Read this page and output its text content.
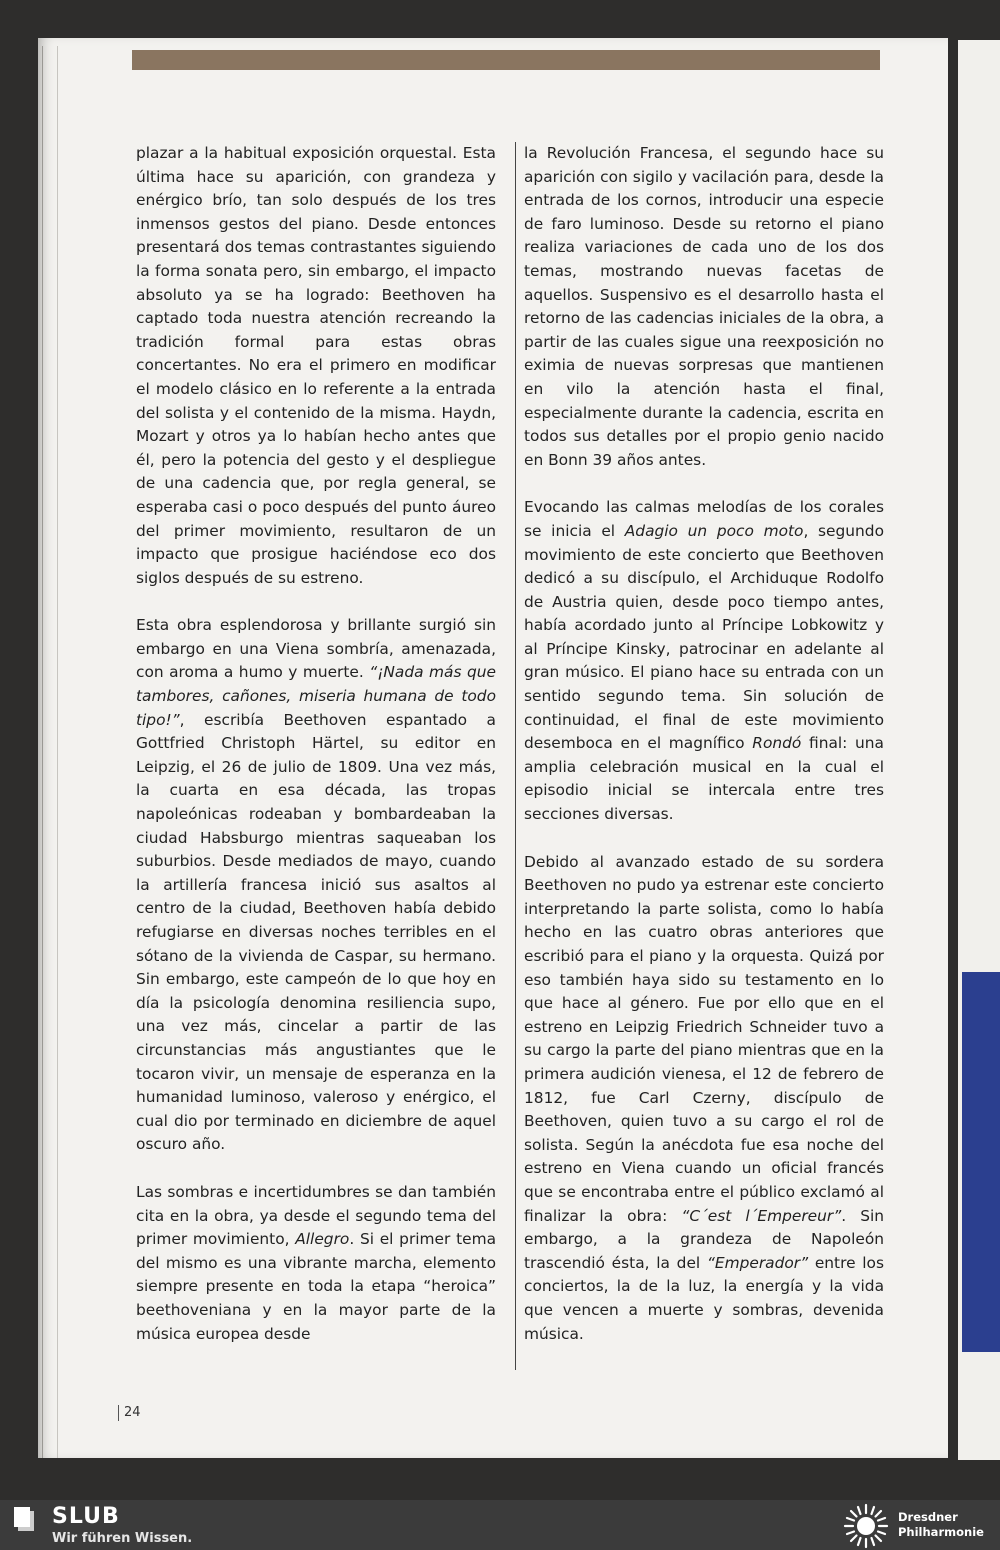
plazar a la habitual exposición orquestal. Esta última hace su aparición, con grandeza y enérgico brío, tan solo después de los tres inmensos gestos del piano. Desde entonces presentará dos temas contrastantes siguiendo la forma sonata pero, sin embargo, el impacto absoluto ya se ha logrado: Beethoven ha captado toda nuestra atención recreando la tradición formal para estas obras concertantes. No era el primero en modificar el modelo clásico en lo referente a la entrada del solista y el contenido de la misma. Haydn, Mozart y otros ya lo habían hecho antes que él, pero la potencia del gesto y el despliegue de una cadencia que, por regla general, se esperaba casi o poco después del punto áureo del primer movimiento, resultaron de un impacto que prosigue haciéndose eco dos siglos después de su estreno.

Esta obra esplendorosa y brillante surgió sin embargo en una Viena sombría, amenazada, con aroma a humo y muerte. “¡Nada más que tambores, cañones, miseria humana de todo tipo!”, escribía Beethoven espantado a Gottfried Christoph Härtel, su editor en Leipzig, el 26 de julio de 1809. Una vez más, la cuarta en esa década, las tropas napoleónicas rodeaban y bombardeaban la ciudad Habsburgo mientras saqueaban los suburbios. Desde mediados de mayo, cuando la artillería francesa inició sus asaltos al centro de la ciudad, Beethoven había debido refugiarse en diversas noches terribles en el sótano de la vivienda de Caspar, su hermano. Sin embargo, este campeón de lo que hoy en día la psicología denomina resiliencia supo, una vez más, cincelar a partir de las circunstancias más angustiantes que le tocaron vivir, un mensaje de esperanza en la humanidad luminoso, valeroso y enérgico, el cual dio por terminado en diciembre de aquel oscuro año.

Las sombras e incertidumbres se dan también cita en la obra, ya desde el segundo tema del primer movimiento, Allegro. Si el primer tema del mismo es una vibrante marcha, elemento siempre presente en toda la etapa “heroica” beethoveniana y en la mayor parte de la música europea desde

la Revolución Francesa, el segundo hace su aparición con sigilo y vacilación para, desde la entrada de los cornos, introducir una especie de faro luminoso. Desde su retorno el piano realiza variaciones de cada uno de los dos temas, mostrando nuevas facetas de aquellos. Suspensivo es el desarrollo hasta el retorno de las cadencias iniciales de la obra, a partir de las cuales sigue una reexposición no eximia de nuevas sorpresas que mantienen en vilo la atención hasta el final, especialmente durante la cadencia, escrita en todos sus detalles por el propio genio nacido en Bonn 39 años antes.

Evocando las calmas melodías de los corales se inicia el Adagio un poco moto, segundo movimiento de este concierto que Beethoven dedicó a su discípulo, el Archiduque Rodolfo de Austria quien, desde poco tiempo antes, había acordado junto al Príncipe Lobkowitz y al Príncipe Kinsky, patrocinar en adelante al gran músico. El piano hace su entrada con un sentido segundo tema. Sin solución de continuidad, el final de este movimiento desemboca en el magnífico Rondó final: una amplia celebración musical en la cual el episodio inicial se intercala entre tres secciones diversas.

Debido al avanzado estado de su sordera Beethoven no pudo ya estrenar este concierto interpretando la parte solista, como lo había hecho en las cuatro obras anteriores que escribió para el piano y la orquesta. Quizá por eso también haya sido su testamento en lo que hace al género. Fue por ello que en el estreno en Leipzig Friedrich Schneider tuvo a su cargo la parte del piano mientras que en la primera audición vienesa, el 12 de febrero de 1812, fue Carl Czerny, discípulo de Beethoven, quien tuvo a su cargo el rol de solista. Según la anécdota fue esa noche del estreno en Viena cuando un oficial francés que se encontraba entre el público exclamó al finalizar la obra: “C´est l´Empereur”. Sin embargo, a la grandeza de Napoleón trascendió ésta, la del “Emperador” entre los conciertos, la de la luz, la energía y la vida que vencen a muerte y sombras, devenida música.

24
SLUB
Wir führen Wissen.
Dresdner
Philharmonie
